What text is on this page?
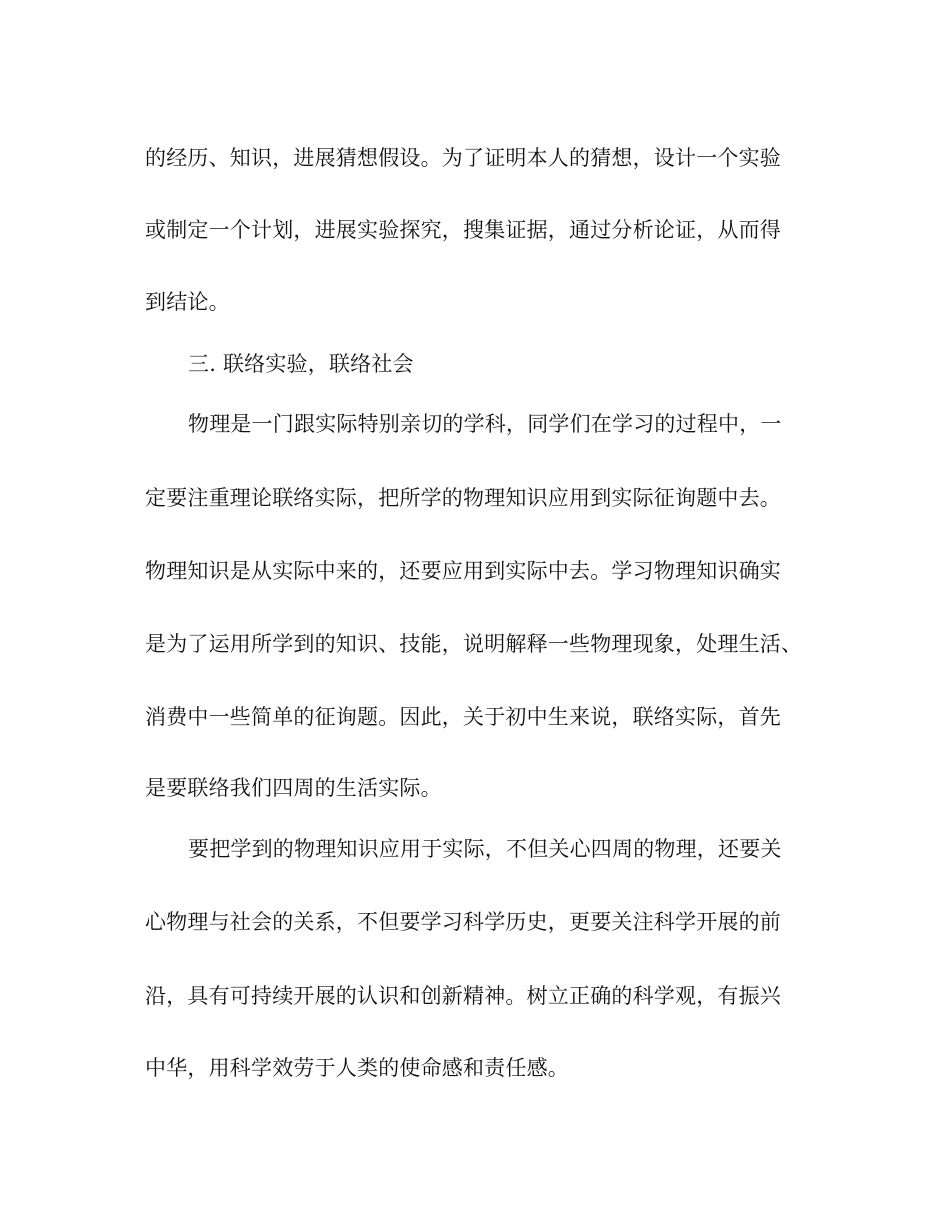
的经历、知识，进展猜想假设。为了证明本人的猜想，设计一个实验
或制定一个计划，进展实验探究，搜集证据，通过分析论证，从而得
到结论。
三. 联络实验，联络社会
物理是一门跟实际特别亲切的学科，同学们在学习的过程中，一
定要注重理论联络实际，把所学的物理知识应用到实际征询题中去。
物理知识是从实际中来的，还要应用到实际中去。学习物理知识确实
是为了运用所学到的知识、技能，说明解释一些物理现象，处理生活、
消费中一些简单的征询题。因此，关于初中生来说，联络实际，首先
是要联络我们四周的生活实际。
要把学到的物理知识应用于实际，不但关心四周的物理，还要关
心物理与社会的关系，不但要学习科学历史，更要关注科学开展的前
沿，具有可持续开展的认识和创新精神。树立正确的科学观，有振兴
中华，用科学效劳于人类的使命感和责任感。
